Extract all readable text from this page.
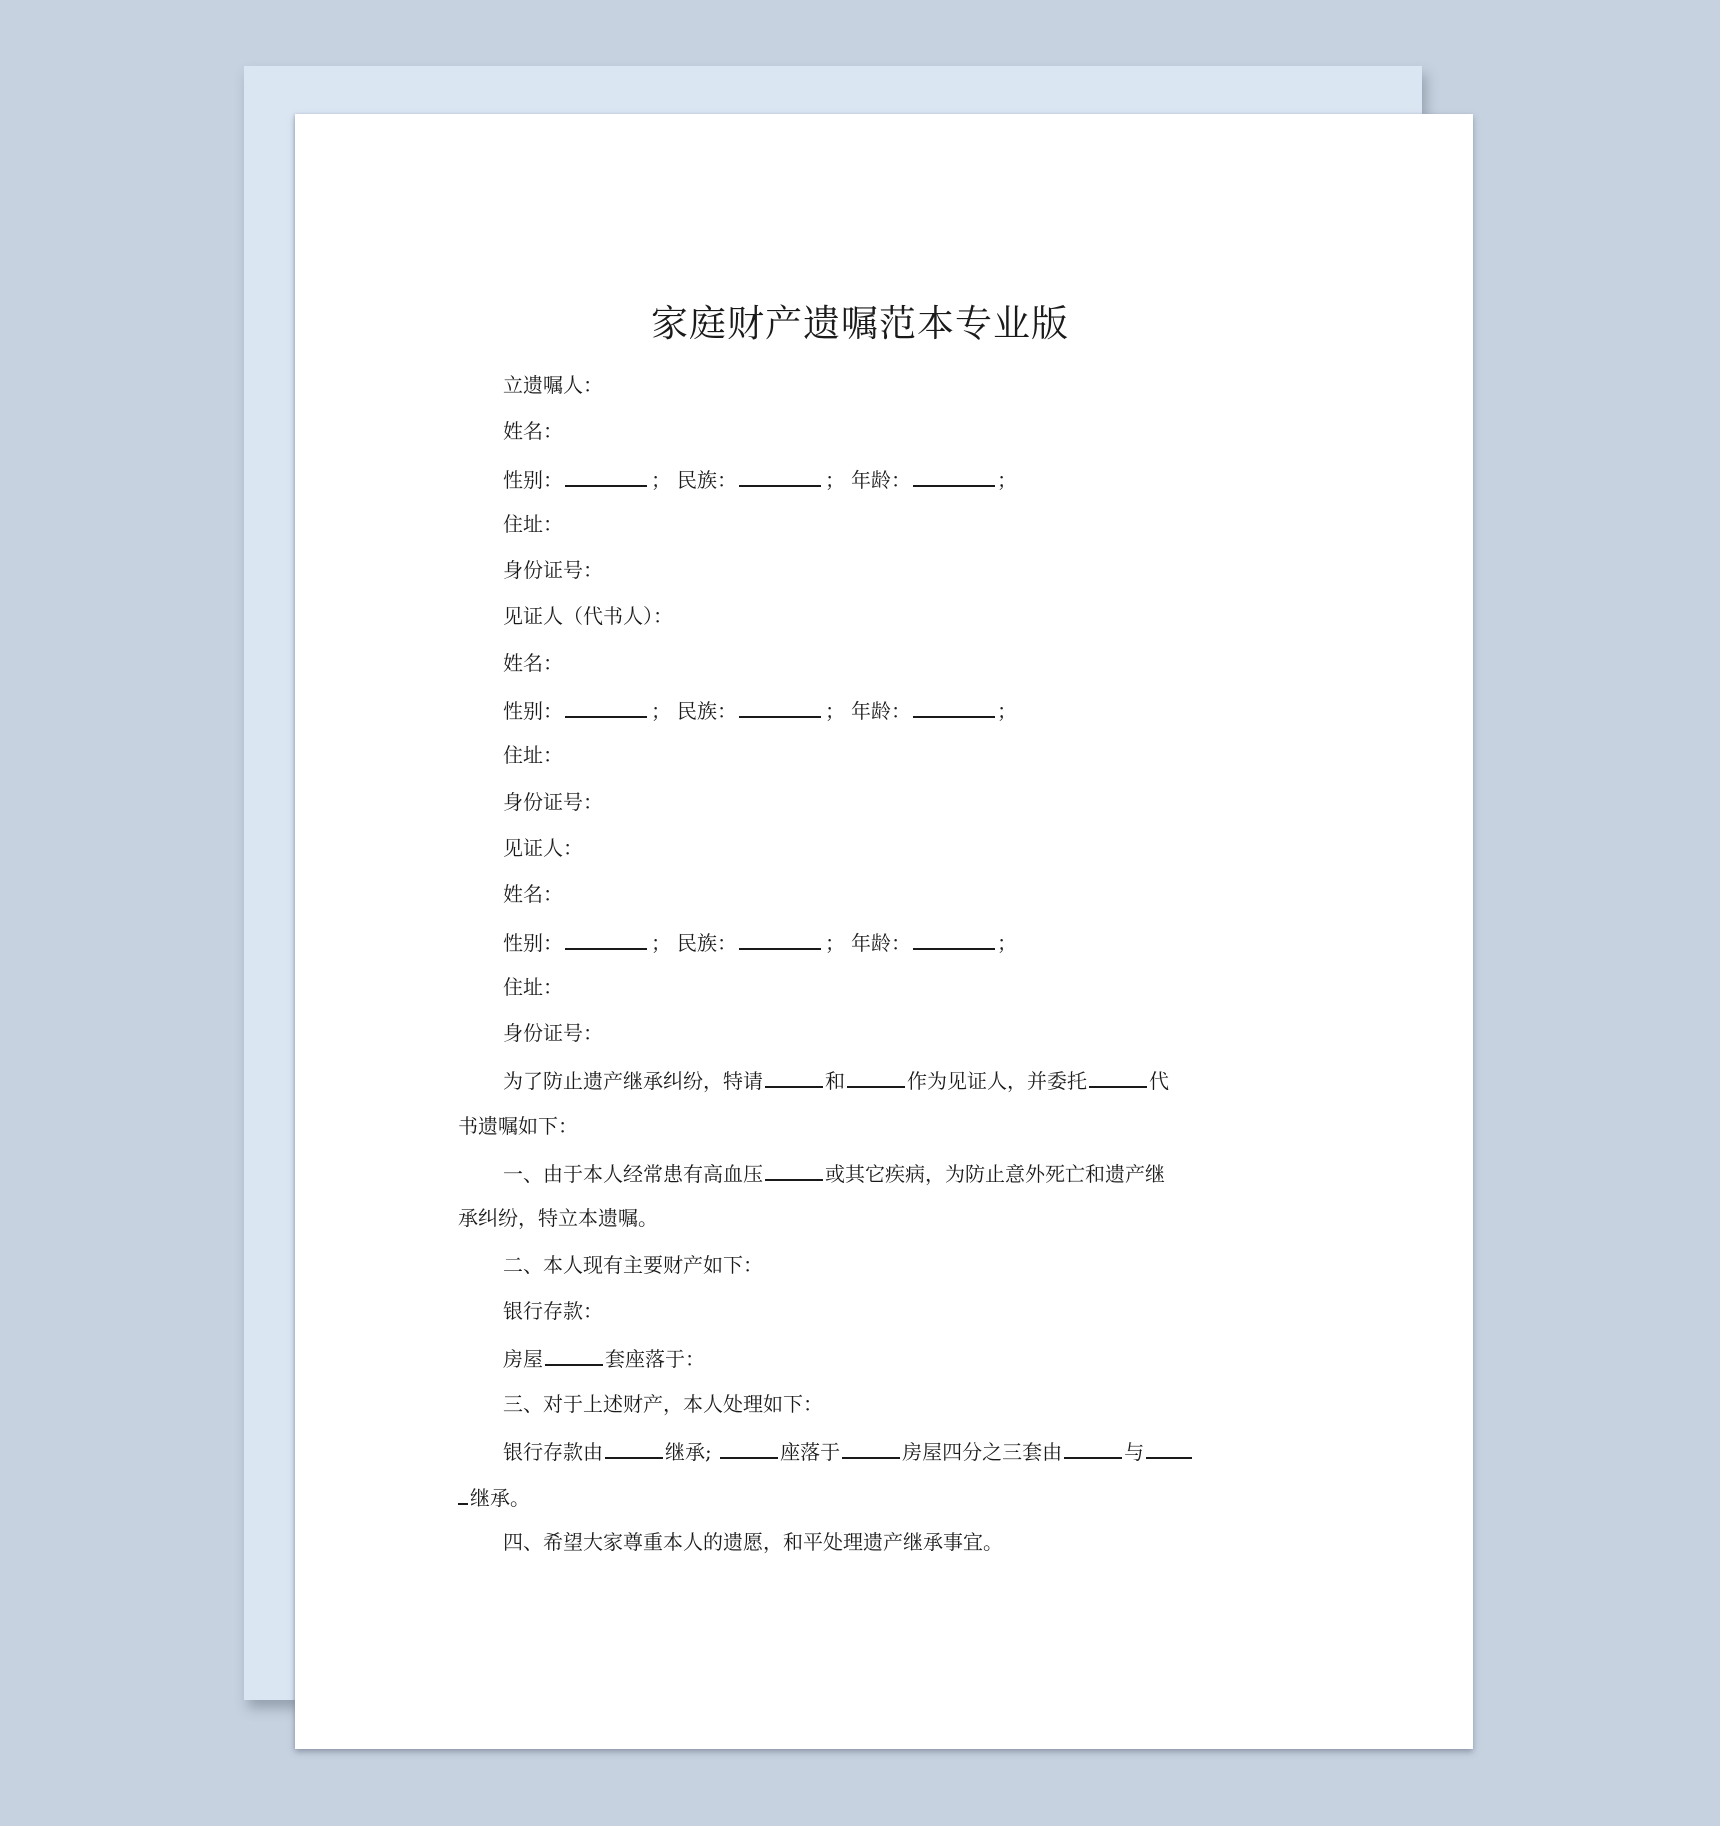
家庭财产遗嘱范本专业版
立遗嘱人：
姓名：
性别：	； 民族：	； 年龄：	；
住址：
身份证号：
见证人（代书人）：
姓名：
性别：	； 民族：	； 年龄：	；
住址：
身份证号：
见证人：
姓名：
性别：	； 民族：	； 年龄：	；
住址：
身份证号：
为了防止遗产继承纠纷，特请	和	作为见证人，并委托	代
书遗嘱如下：
一、由于本人经常患有高血压	或其它疾病，为防止意外死亡和遗产继
承纠纷，特立本遗嘱。
二、本人现有主要财产如下：
银行存款：
房屋	套座落于：
三、对于上述财产，本人处理如下：
银行存款由	继承;	座落于	房屋四分之三套由	与
继承。
四、希望大家尊重本人的遗愿，和平处理遗产继承事宜。
